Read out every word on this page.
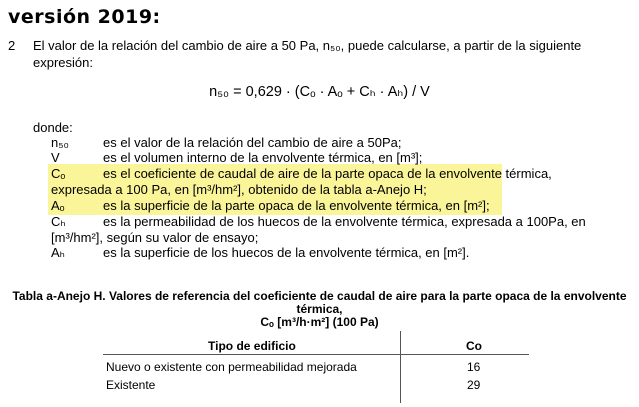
versión 2019:
2 El valor de la relación del cambio de aire a 50 Pa, n₅₀, puede calcularse, a partir de la siguiente expresión:
n₅₀ = 0,629 · (Cₒ · Aₒ + Cₕ · Aₕ) / V
donde:
n₅₀	es el valor de la relación del cambio de aire a 50Pa;
V	es el volumen interno de la envolvente térmica, en [m³];
Cₒ	es el coeficiente de caudal de aire de la parte opaca de la envolvente térmica,
expresada a 100 Pa, en [m³/hm²], obtenido de la tabla a-Anejo H;
Aₒ	es la superficie de la parte opaca de la envolvente térmica, en [m²];
Cₕ	es la permeabilidad de los huecos de la envolvente térmica, expresada a 100Pa, en
[m³/hm²], según su valor de ensayo;
Aₕ	es la superficie de los huecos de la envolvente térmica, en [m²].
Tabla a-Anejo H. Valores de referencia del coeficiente de caudal de aire para la parte opaca de la envolvente
térmica,
Cₒ [m³/h·m²] (100 Pa)
Tipo de edificio	Co
Nuevo o existente con permeabilidad mejorada	16
Existente	29
